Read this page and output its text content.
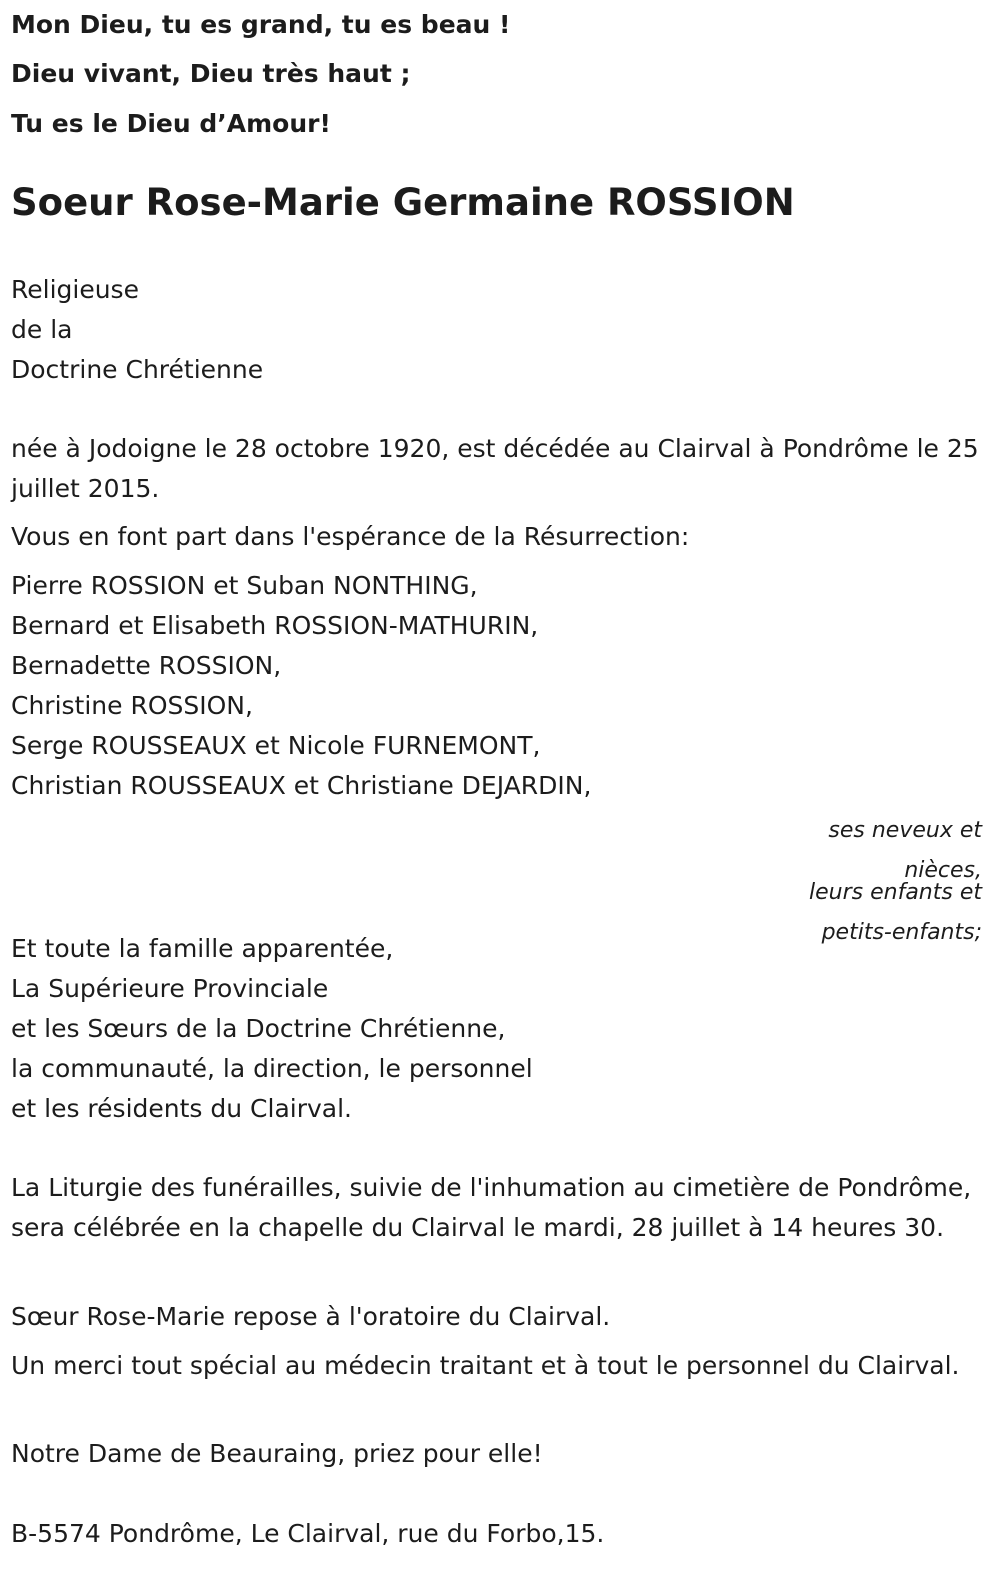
Mon Dieu, tu es grand, tu es beau !

Dieu vivant, Dieu très haut ;

Tu es le Dieu d’Amour!

Soeur Rose-Marie Germaine ROSSION
Religieuse
de la
Doctrine Chrétienne

née à Jodoigne le 28 octobre 1920, est décédée au Clairval à Pondrôme le 25 juillet 2015.

Vous en font part dans l'espérance de la Résurrection:

Pierre ROSSION et Suban NONTHING,
Bernard et Elisabeth ROSSION-MATHURIN,
Bernadette ROSSION,
Christine ROSSION,
Serge ROUSSEAUX et Nicole FURNEMONT,
Christian ROUSSEAUX et Christiane DEJARDIN,

ses neveux et nièces,

leurs enfants et petits-enfants;

Et toute la famille apparentée,
La Supérieure Provinciale
et les Sœurs de la Doctrine Chrétienne,
la communauté, la direction, le personnel
et les résidents du Clairval.

La Liturgie des funérailles, suivie de l'inhumation au cimetière de Pondrôme, sera célébrée en la chapelle du Clairval le mardi, 28 juillet à 14 heures 30.

Sœur Rose-Marie repose à l'oratoire du Clairval.

Un merci tout spécial au médecin traitant et à tout le personnel du Clairval.

Notre Dame de Beauraing, priez pour elle!

B-5574 Pondrôme, Le Clairval, rue du Forbo,15.
